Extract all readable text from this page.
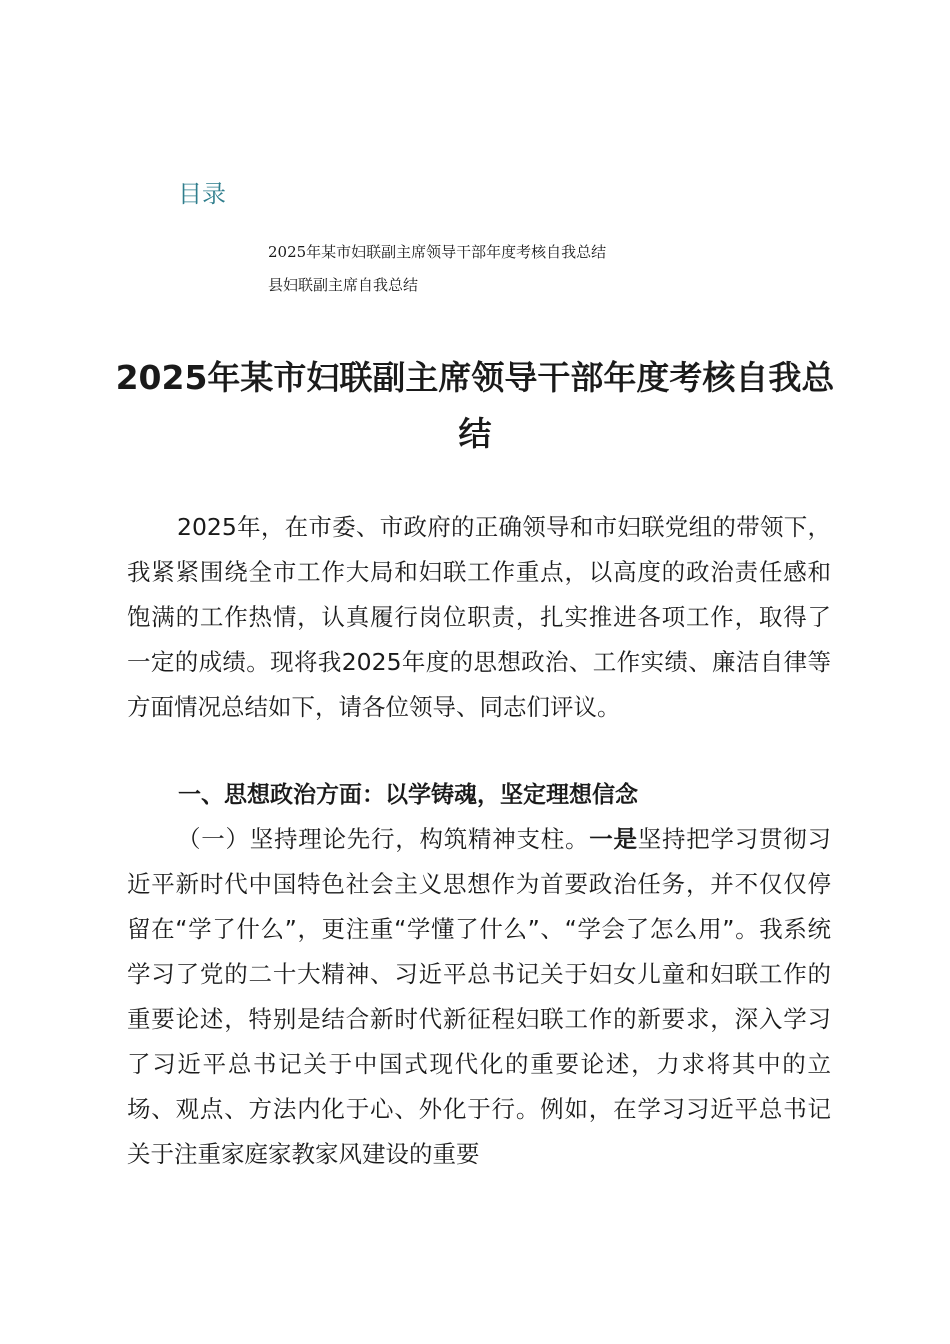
目录
2025年某市妇联副主席领导干部年度考核自我总结
县妇联副主席自我总结
2025年某市妇联副主席领导干部年度考核自我总结

2025年，在市委、市政府的正确领导和市妇联党组的带领下，我紧紧围绕全市工作大局和妇联工作重点，以高度的政治责任感和饱满的工作热情，认真履行岗位职责，扎实推进各项工作，取得了一定的成绩。现将我2025年度的思想政治、工作实绩、廉洁自律等方面情况总结如下，请各位领导、同志们评议。

一、思想政治方面：以学铸魂，坚定理想信念

（一）坚持理论先行，构筑精神支柱。一是坚持把学习贯彻习近平新时代中国特色社会主义思想作为首要政治任务，并不仅仅停留在“学了什么”，更注重“学懂了什么”、“学会了怎么用”。我系统学习了党的二十大精神、习近平总书记关于妇女儿童和妇联工作的重要论述，特别是结合新时代新征程妇联工作的新要求，深入学习了习近平总书记关于中国式现代化的重要论述，力求将其中的立场、观点、方法内化于心、外化于行。例如，在学习习近平总书记关于注重家庭家教家风建设的重要
